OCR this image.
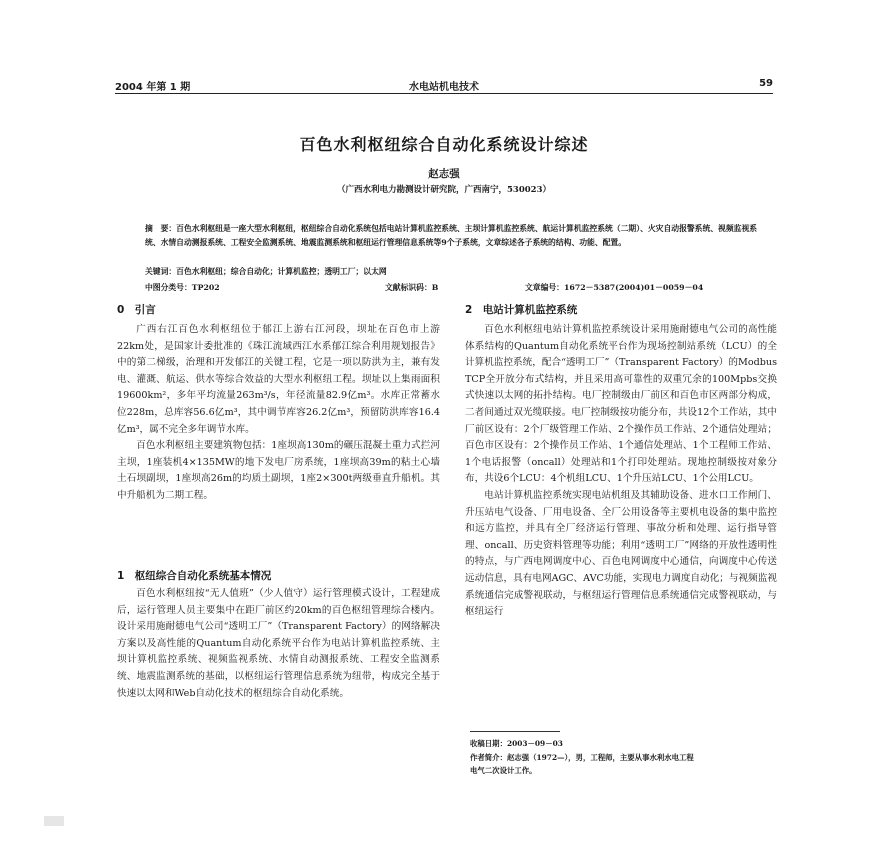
2004 年第 1 期	水电站机电技术	59
百色水利枢纽综合自动化系统设计综述
赵志强
（广西水利电力勘测设计研究院，广西南宁，530023）
摘　要：百色水利枢纽是一座大型水利枢纽，枢纽综合自动化系统包括电站计算机监控系统、主坝计算机监控系统、航运计算机监控系统（二期）、火灾自动报警系统、视频监视系统、水情自动测报系统、工程安全监测系统、地震监测系统和枢纽运行管理信息系统等9个子系统，文章综述各子系统的结构、功能、配置。
关键词：百色水利枢纽；综合自动化；计算机监控；透明工厂；以太网
中图分类号：TP202	文献标识码：B	文章编号：1672－5387(2004)01－0059－04
0　引言

广西右江百色水利枢纽位于郁江上游右江河段，坝址在百色市上游22km处，是国家计委批准的《珠江流域西江水系郁江综合利用规划报告》中的第二梯级，治理和开发郁江的关键工程，它是一项以防洪为主，兼有发电、灌溉、航运、供水等综合效益的大型水利枢纽工程。坝址以上集雨面积19600km²，多年平均流量263m³/s，年径流量82.9亿m³。水库正常蓄水位228m，总库容56.6亿m³，其中调节库容26.2亿m³，预留防洪库容16.4亿m³，属不完全多年调节水库。

百色水利枢纽主要建筑物包括：1座坝高130m的碾压混凝土重力式拦河主坝，1座装机4×135MW的地下发电厂房系统，1座坝高39m的粘土心墙土石坝副坝，1座坝高26m的均质土副坝，1座2×300t两级垂直升船机。其中升船机为二期工程。

1　枢纽综合自动化系统基本情况

百色水利枢纽按“无人值班”（少人值守）运行管理模式设计，工程建成后，运行管理人员主要集中在距厂前区约20km的百色枢纽管理综合楼内。设计采用施耐德电气公司“透明工厂”（Transparent Factory）的网络解决方案以及高性能的Quantum自动化系统平台作为电站计算机监控系统、主坝计算机监控系统、视频监视系统、水情自动测报系统、工程安全监测系统、地震监测系统的基础，以枢纽运行管理信息系统为纽带，构成完全基于快速以太网和Web自动化技术的枢纽综合自动化系统。

2　电站计算机监控系统

百色水利枢纽电站计算机监控系统设计采用施耐德电气公司的高性能体系结构的Quantum自动化系统平台作为现场控制站系统（LCU）的全计算机监控系统，配合“透明工厂”（Transparent Factory）的Modbus TCP全开放分布式结构，并且采用高可靠性的双重冗余的100Mpbs交换式快速以太网的拓扑结构。电厂控制级由厂前区和百色市区两部分构成，二者间通过双光缆联接。电厂控制级按功能分布，共设12个工作站，其中厂前区设有：2个厂级管理工作站、2个操作员工作站、2个通信处理站；百色市区设有：2个操作员工作站、1个通信处理站、1个工程师工作站、1个电话报警（oncall）处理站和1个打印处理站。现地控制级按对象分布，共设6个LCU：4个机组LCU、1个升压站LCU、1个公用LCU。

电站计算机监控系统实现电站机组及其辅助设备、进水口工作闸门、升压站电气设备、厂用电设备、全厂公用设备等主要机电设备的集中监控和远方监控，并具有全厂经济运行管理、事故分析和处理、运行指导管理、oncall、历史资料管理等功能；利用“透明工厂”网络的开放性透明性的特点，与广西电网调度中心、百色电网调度中心通信，向调度中心传送远动信息，具有电网AGC、AVC功能，实现电力调度自动化；与视频监视系统通信完成警视联动，与枢纽运行管理信息系统通信完成警视联动，与枢纽运行

收稿日期：2003－09－03
作者简介：赵志强（1972—），男，工程师，主要从事水利水电工程
电气二次设计工作。
